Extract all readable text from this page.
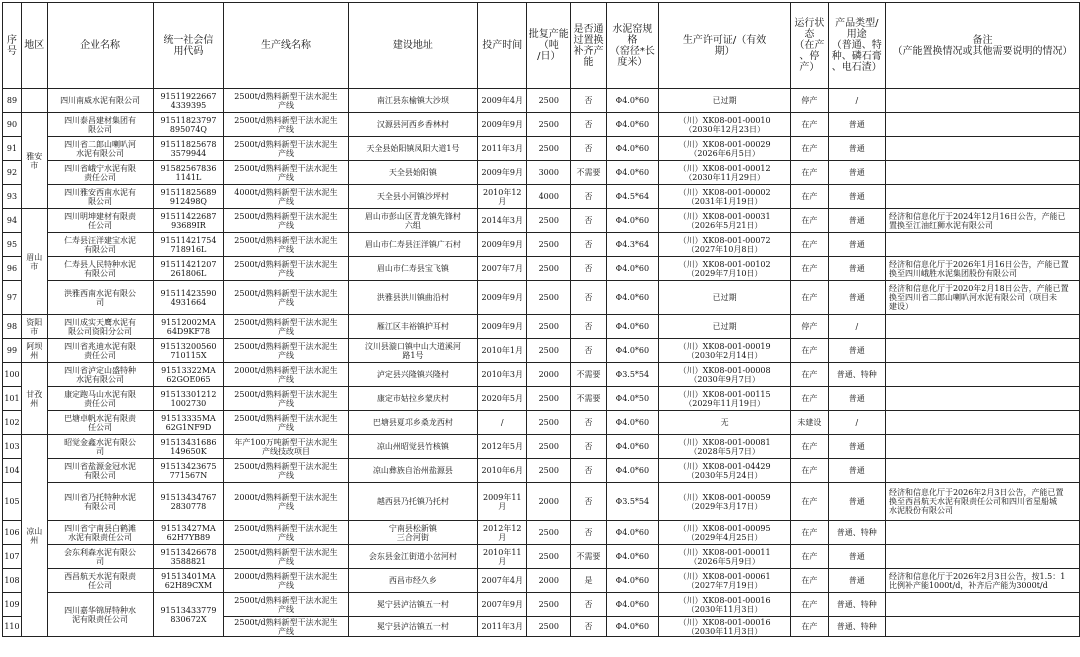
序
号	地区	企业名称	统一社会信
用代码	生产线名称	建设地址	投产时间	批复产能
（吨
/日）	是否通
过置换
补齐产
能	水泥窑规
格
（窑径*长
度米）	生产许可证/（有效
期）	运行状
态
（在产
、停
产）	产品类型/
用途
（普通、特
种、磷石膏
、电石渣）	备注
（产能置换情况或其他需要说明的情况）
89		四川南威水泥有限公司	91511922667
4339395	2500t/d熟料新型干法水泥生
产线	南江县东榆镇大沙坝	2009年4月	2500	否	Φ4.0*60	已过期	停产	/	
90	雅安
市	四川泰昌建材集团有
限公司	91511823797
895074Q	2500t/d熟料新型干法水泥生
产线	汉源县河西乡香林村	2009年9月	2500	否	Φ4.0*60	（川）XK08-001-00010
（2030年12月23日）	在产	普通	
91		四川省二郎山喇叭河
水泥有限公司	91511825678
3579944	2500t/d熟料新型干法水泥生
产线	天全县始阳镇凤阳大道1号	2011年3月	2500	否	Φ4.0*60	（川）XK08-001-00029
（2026年6月5日）	在产	普通	
92		四川省峨宁水泥有限
责任公司	91582567836
1141L	2500t/d熟料新型干法水泥生
产线	天全县始阳镇	2009年9月	3000	不需要	Φ4.0*60	（川）XK08-001-00012
（2030年11月29日）	在产	普通	
93		四川雅安西南水泥有
限公司	91511825689
912498Q	4000t/d熟料新型干法水泥生
产线	天全县小河镇沙坪村	2010年12月	4000	否	Φ4.5*64	（川）XK08-001-00002
（2031年1月19日）	在产	普通	
94	眉山
市	四川明坤建材有限责
任公司	91511422687
93689IR	2500t/d熟料新型干法水泥生
产线	眉山市彭山区青龙镇先锋村
六组	2014年3月	2500	否	Φ4.0*60	（川）XK08-001-00031
（2026年5月21日）	在产	普通	经济和信息化厅于2024年12月16日公告，产能已
置换至江油红狮水泥有限公司
95		仁寿县汪洋建宝水泥
有限公司	91511421754
718916L	2500t/d熟料新型干法水泥生
产线	眉山市仁寿县汪洋镇广石村	2009年9月	2500	否	Φ4.3*64	（川）XK08-001-00072
（2027年10月8日）	在产	普通	
96		仁寿县人民特种水泥
有限公司	91511421207
261806L	2500t/d熟料新型干法水泥生
产线	眉山市仁寿县宝飞镇	2007年7月	2500	否	Φ4.0*60	（川）XK08-001-00102
（2029年7月10日）	在产	普通	经济和信息化厅于2026年1月16日公告，产能已置
换至四川峨胜水泥集团股份有限公司
97		洪雅西南水泥有限公
司	91511423590
4931664	2500t/d熟料新型干法水泥生
产线	洪雅县洪川镇曲沿村	2009年9月	2500	否	Φ4.0*60	已过期	在产	普通	经济和信息化厅于2020年2月18日公告，产能已置
换至四川省二郎山喇叭河水泥有限公司（项目未
建设）
98	资阳
市	四川成实天鹰水泥有
限公司资阳分公司	91512002MA
64D9KF78	2500t/d熟料新型干法水泥生
产线	雁江区丰裕镇护耳村	2009年9月	2500	否	Φ4.0*60	已过期	停产	/	
99	阿坝
州	四川省兆迪水泥有限
责任公司	91513200560
710115X	2500t/d熟料新型干法水泥生
产线	汶川县漩口镇中山大道溪河
路1号	2010年1月	2500	否	Φ4.0*60	（川）XK08-001-00019
（2030年2月14日）	在产	普通	
100	甘孜
州	四川省泸定山盛特种
水泥有限公司	91513322MA
62GOE065	2000t/d熟料新型干法水泥生
产线	泸定县兴隆镇兴隆村	2010年3月	2000	不需要	Φ3.5*54	（川）XK08-001-00008
（2030年9月7日）	在产	普通、特种	
101		康定跑马山水泥有限
责任公司	91513301212
1002730	2500t/d熟料新型干法水泥生
产线	康定市姑拉乡蒙庆村	2020年5月	2500	不需要	Φ4.0*50	（川）XK08-001-00115
（2029年11月19日）	在产	普通	
102		巴塘卓帆水泥有限责
任公司	91513335MA
62G1NF9D	2500t/d熟料新型干法水泥生
产线	巴塘县夏邛乡桑龙西村	/	2500	否	Φ4.0*60	无	未建设	/	
103	凉山
州	昭觉金鑫水泥有限公
司	91513431686
149650K	年产100万吨新型干法水泥生
产线技改项目	凉山州昭觉县竹核镇	2012年5月	2500	否	Φ4.0*60	（川）XK08-001-00081
（2028年5月7日）	在产	普通	
104		四川省盐源金冠水泥
有限公司	91513423675
771567N	2500t/d熟料新型干法水泥生
产线	凉山彝族自治州盐源县	2010年6月	2500	否	Φ4.0*60	（川）XK08-001-04429
（2030年5月24日）	在产	普通	
105		四川省乃托特种水泥
有限公司	91513434767
2830778	2000t/d熟料新型干法水泥生
产线	越西县乃托镇乃托村	2009年11月	2000	否	Φ3.5*54	（川）XK08-001-00059
（2029年3月17日）	在产	普通	经济和信息化厅于2026年2月3日公告，产能已置
换至西昌航天水泥有限责任公司和四川省星船城
水泥股份有限公司
106		四川省宁南县白鹤滩
水泥有限责任公司	91513427MA
62H7YB89	2500t/d熟料新型干法水泥生
产线	宁南县松新镇
三合河街	2012年12月	2500	否	Φ4.0*60	（川）XK08-001-00095
（2029年4月25日）	在产	普通、特种	
107		会东利森水泥有限公
司	91513426678
3588821	2500t/d熟料新型干法水泥生
产线	会东县金江街道小岔河村	2010年11月	2500	不需要	Φ4.0*60	（川）XK08-001-00011
（2026年5月9日）	在产	普通	
108		西昌航天水泥有限责
任公司	91513401MA
62H89CXM	2000t/d熟料新型干法水泥生
产线	西昌市经久乡	2007年4月	2000	是	Φ4.0*60	（川）XK08-001-00061
（2027年7月19日）	在产	普通	经济和信息化厅于2026年2月3日公告，按1.5：1
比例补产能1000t/d，补齐后产能为3000t/d
109		四川嘉华锦屏特种水
泥有限责任公司	91513433779
830672X	2500t/d熟料新型干法水泥生
产线	冕宁县泸沽镇五一村	2007年9月	2500	否	Φ4.0*60	（川）XK08-001-00016
（2030年11月3日）	在产	普通、特种	
110				2500t/d熟料新型干法水泥生
产线	冕宁县泸沽镇五一村	2011年3月	2500	否	Φ4.0*60	（川）XK08-001-00016
（2030年11月3日）	在产	普通、特种	
